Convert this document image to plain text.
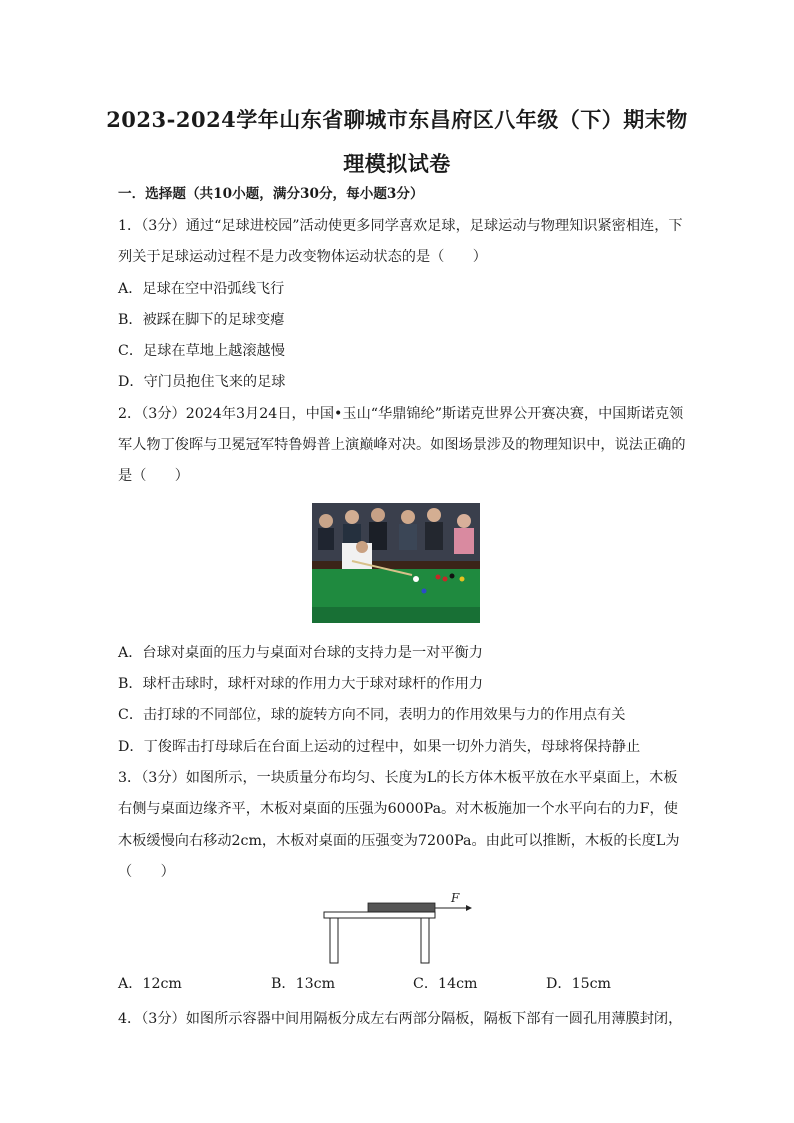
2023-2024学年山东省聊城市东昌府区八年级（下）期末物
理模拟试卷
一．选择题（共10小题，满分30分，每小题3分）
1．（3分）通过“足球进校园”活动使更多同学喜欢足球，足球运动与物理知识紧密相连，下
列关于足球运动过程不是力改变物体运动状态的是（　　）
A．足球在空中沿弧线飞行
B．被踩在脚下的足球变瘪
C．足球在草地上越滚越慢
D．守门员抱住飞来的足球
2．（3分）2024年3月24日，中国•玉山“华鼎锦纶”斯诺克世界公开赛决赛，中国斯诺克领
军人物丁俊晖与卫冕冠军特鲁姆普上演巅峰对决。如图场景涉及的物理知识中，说法正确的
是（　　）
A．台球对桌面的压力与桌面对台球的支持力是一对平衡力
B．球杆击球时，球杆对球的作用力大于球对球杆的作用力
C．击打球的不同部位，球的旋转方向不同，表明力的作用效果与力的作用点有关
D．丁俊晖击打母球后在台面上运动的过程中，如果一切外力消失，母球将保持静止
3．（3分）如图所示，一块质量分布均匀、长度为L的长方体木板平放在水平桌面上，木板
右侧与桌面边缘齐平，木板对桌面的压强为6000Pa。对木板施加一个水平向右的力F，使
木板缓慢向右移动2cm，木板对桌面的压强变为7200Pa。由此可以推断，木板的长度L为
（　　）
F
A．12cm	B．13cm	C．14cm	D．15cm
4．（3分）如图所示容器中间用隔板分成左右两部分隔板，隔板下部有一圆孔用薄膜封闭，
